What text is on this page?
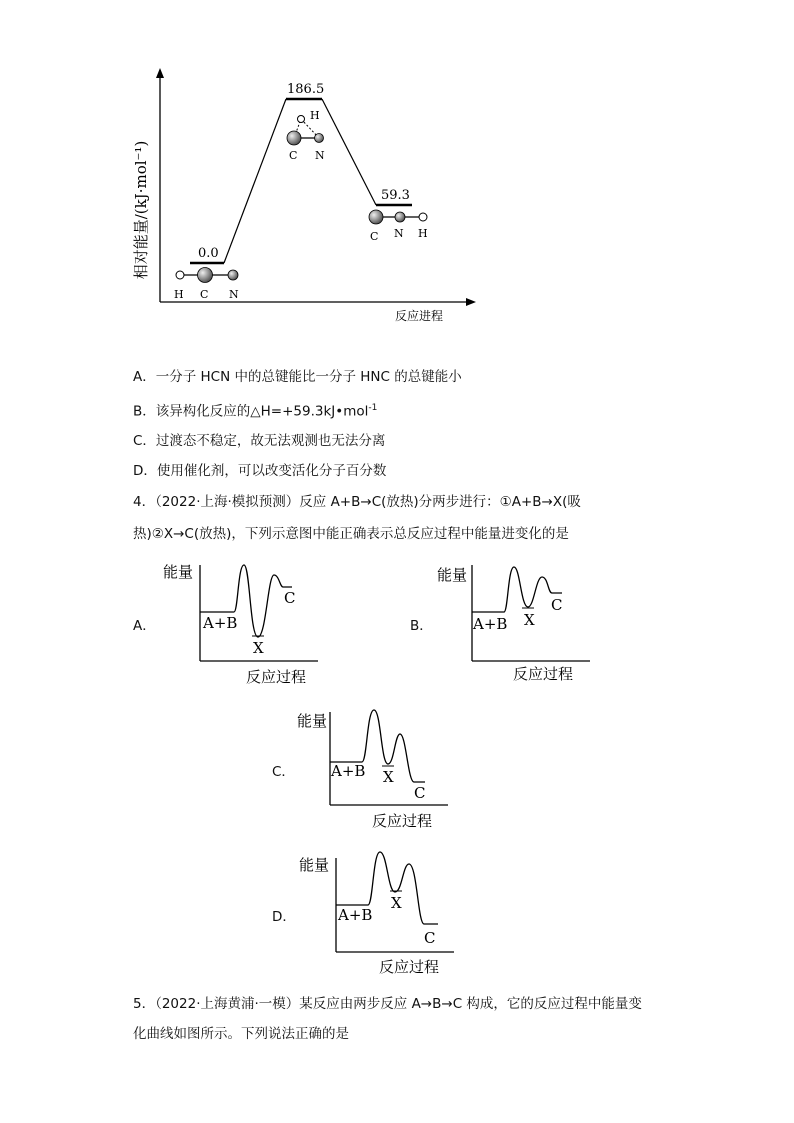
相对能量/(kJ·mol⁻¹)
反应进程
0.0
186.5
59.3
H C N
H
C N
C N H
A．一分子 HCN 中的总键能比一分子 HNC 的总键能小
B．该异构化反应的△H=+59.3kJ•mol$^{-1}$
C．过渡态不稳定，故无法观测也无法分离
D．使用催化剂，可以改变活化分子百分数
4．（2022·上海·模拟预测）反应 A+B→C(放热)分两步进行：①A+B→X(吸
热)②X→C(放热)，下列示意图中能正确表示总反应过程中能量进变化的是
A．
能量
反应过程
A+B
X
C
B．
能量
反应过程
A+B X
C
C．
能量
反应过程
A+B X
C
D．
能量
反应过程
A+B
X
C
5．（2022·上海黄浦·一模）某反应由两步反应 A→B→C 构成，它的反应过程中能量变
化曲线如图所示。下列说法正确的是
